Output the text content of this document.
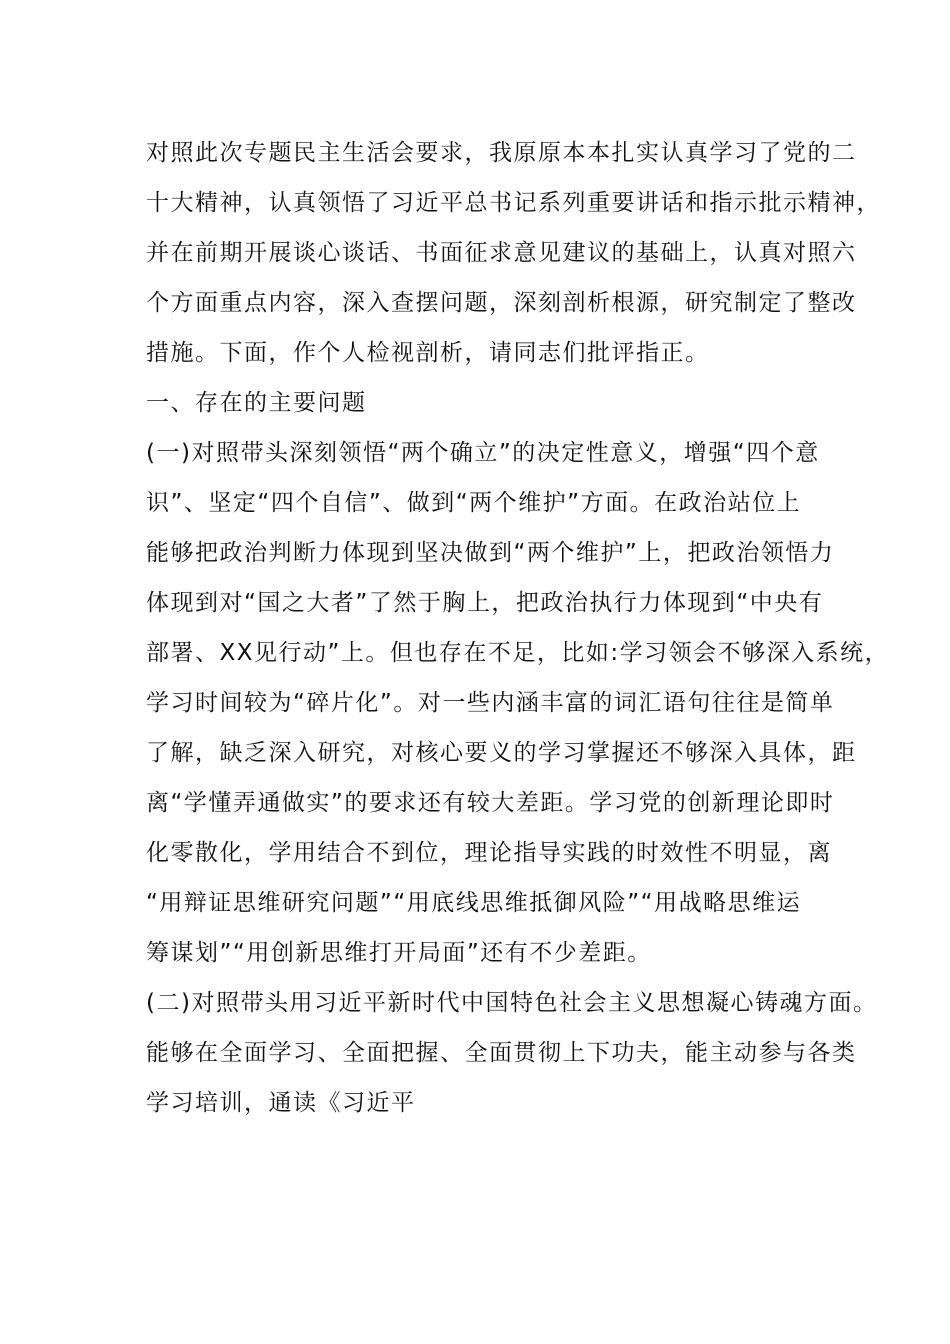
对照此次专题民主生活会要求，我原原本本扎实认真学习了党的二
十大精神，认真领悟了习近平总书记系列重要讲话和指示批示精神，
并在前期开展谈心谈话、书面征求意见建议的基础上，认真对照六
个方面重点内容，深入查摆问题，深刻剖析根源，研究制定了整改
措施。下面，作个人检视剖析，请同志们批评指正。
一、存在的主要问题
(一)对照带头深刻领悟“两个确立”的决定性意义，增强“四个意
识”、坚定“四个自信”、做到“两个维护”方面。在政治站位上
能够把政治判断力体现到坚决做到“两个维护”上，把政治领悟力
体现到对“国之大者”了然于胸上，把政治执行力体现到“中央有
部署、XX见行动”上。但也存在不足，比如:学习领会不够深入系统，
学习时间较为“碎片化”。对一些内涵丰富的词汇语句往往是简单
了解，缺乏深入研究，对核心要义的学习掌握还不够深入具体，距
离“学懂弄通做实”的要求还有较大差距。学习党的创新理论即时
化零散化，学用结合不到位，理论指导实践的时效性不明显，离
“用辩证思维研究问题”“用底线思维抵御风险”“用战略思维运
筹谋划”“用创新思维打开局面”还有不少差距。
(二)对照带头用习近平新时代中国特色社会主义思想凝心铸魂方面。
能够在全面学习、全面把握、全面贯彻上下功夫，能主动参与各类
学习培训，通读《习近平
